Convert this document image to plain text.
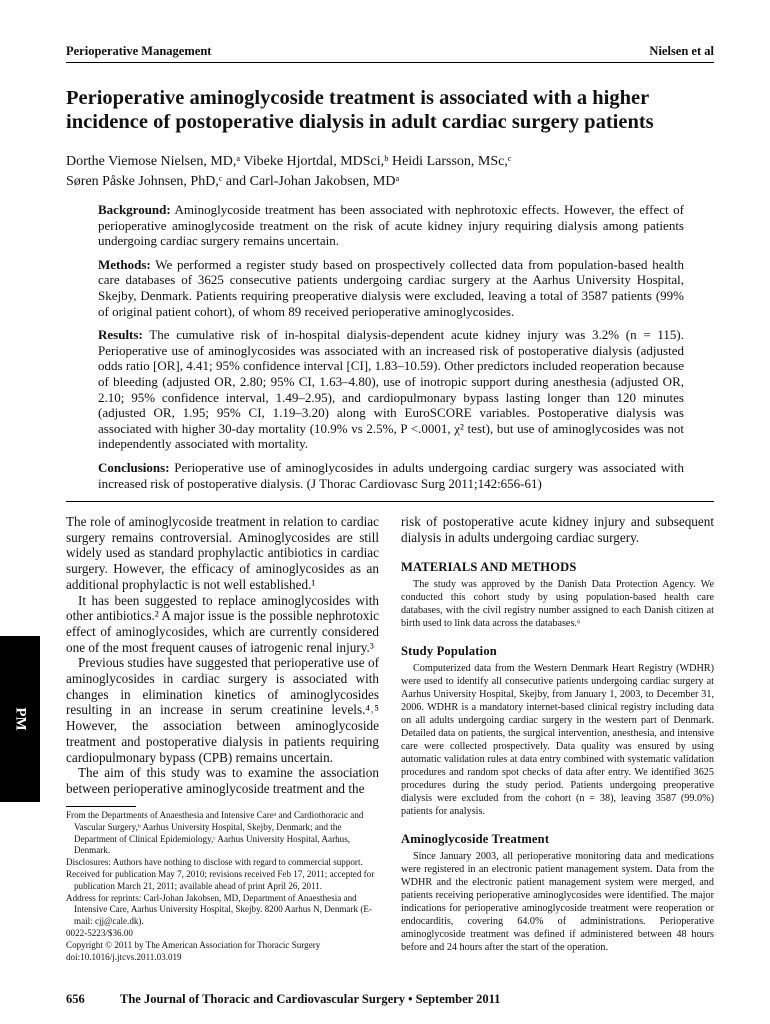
Perioperative Management	Nielsen et al
Perioperative aminoglycoside treatment is associated with a higher incidence of postoperative dialysis in adult cardiac surgery patients
Dorthe Viemose Nielsen, MD,ᵃ Vibeke Hjortdal, MDSci,ᵇ Heidi Larsson, MSc,ᶜ
Søren Påske Johnsen, PhD,ᶜ and Carl-Johan Jakobsen, MDᵃ

Background: Aminoglycoside treatment has been associated with nephrotoxic effects. However, the effect of perioperative aminoglycoside treatment on the risk of acute kidney injury requiring dialysis among patients undergoing cardiac surgery remains uncertain.

Methods: We performed a register study based on prospectively collected data from population-based health care databases of 3625 consecutive patients undergoing cardiac surgery at the Aarhus University Hospital, Skejby, Denmark. Patients requiring preoperative dialysis were excluded, leaving a total of 3587 patients (99% of original patient cohort), of whom 89 received perioperative aminoglycosides.

Results: The cumulative risk of in-hospital dialysis-dependent acute kidney injury was 3.2% (n = 115). Perioperative use of aminoglycosides was associated with an increased risk of postoperative dialysis (adjusted odds ratio [OR], 4.41; 95% confidence interval [CI], 1.83–10.59). Other predictors included reoperation because of bleeding (adjusted OR, 2.80; 95% CI, 1.63–4.80), use of inotropic support during anesthesia (adjusted OR, 2.10; 95% confidence interval, 1.49–2.95), and cardiopulmonary bypass lasting longer than 120 minutes (adjusted OR, 1.95; 95% CI, 1.19–3.20) along with EuroSCORE variables. Postoperative dialysis was associated with higher 30-day mortality (10.9% vs 2.5%, P <.0001, χ² test), but use of aminoglycosides was not independently associated with mortality.

Conclusions: Perioperative use of aminoglycosides in adults undergoing cardiac surgery was associated with increased risk of postoperative dialysis. (J Thorac Cardiovasc Surg 2011;142:656-61)

The role of aminoglycoside treatment in relation to cardiac surgery remains controversial. Aminoglycosides are still widely used as standard prophylactic antibiotics in cardiac surgery. However, the efficacy of aminoglycosides as an additional prophylactic is not well established.¹

It has been suggested to replace aminoglycosides with other antibiotics.² A major issue is the possible nephrotoxic effect of aminoglycosides, which are currently considered one of the most frequent causes of iatrogenic renal injury.³

Previous studies have suggested that perioperative use of aminoglycosides in cardiac surgery is associated with changes in elimination kinetics of aminoglycosides resulting in an increase in serum creatinine levels.⁴˒⁵ However, the association between aminoglycoside treatment and postoperative dialysis in patients requiring cardiopulmonary bypass (CPB) remains uncertain.

The aim of this study was to examine the association between perioperative aminoglycoside treatment and the

From the Departments of Anaesthesia and Intensive Careᵃ and Cardiothoracic and Vascular Surgery,ᵇ Aarhus University Hospital, Skejby, Denmark; and the Department of Clinical Epidemiology,ᶜ Aarhus University Hospital, Aarhus, Denmark.
Disclosures: Authors have nothing to disclose with regard to commercial support.
Received for publication May 7, 2010; revisions received Feb 17, 2011; accepted for publication March 21, 2011; available ahead of print April 26, 2011.
Address for reprints: Carl-Johan Jakobsen, MD, Department of Anaesthesia and Intensive Care, Aarhus University Hospital, Skejby. 8200 Aarhus N, Denmark (E-mail: cjj@cale.dk).
0022-5223/$36.00
Copyright © 2011 by The American Association for Thoracic Surgery
doi:10.1016/j.jtcvs.2011.03.019

risk of postoperative acute kidney injury and subsequent dialysis in adults undergoing cardiac surgery.

MATERIALS AND METHODS

The study was approved by the Danish Data Protection Agency. We conducted this cohort study by using population-based health care databases, with the civil registry number assigned to each Danish citizen at birth used to link data across the databases.⁶

Study Population

Computerized data from the Western Denmark Heart Registry (WDHR) were used to identify all consecutive patients undergoing cardiac surgery at Aarhus University Hospital, Skejby, from January 1, 2003, to December 31, 2006. WDHR is a mandatory internet-based clinical registry including data on all adults undergoing cardiac surgery in the western part of Denmark. Detailed data on patients, the surgical intervention, anesthesia, and intensive care were collected prospectively. Data quality was ensured by using automatic validation rules at data entry combined with systematic validation procedures and random spot checks of data after entry. We identified 3625 procedures during the study period. Patients undergoing preoperative dialysis were excluded from the cohort (n = 38), leaving 3587 (99.0%) patients for analysis.

Aminoglycoside Treatment

Since January 2003, all perioperative monitoring data and medications were registered in an electronic patient management system. Data from the WDHR and the electronic patient management system were merged, and patients receiving perioperative aminoglycosides were identified. The major indications for perioperative aminoglycoside treatment were reoperation or endocarditis, covering 64.0% of administrations. Perioperative aminoglycoside treatment was defined if administered between 48 hours before and 24 hours after the start of the operation.

PM
656	The Journal of Thoracic and Cardiovascular Surgery • September 2011
